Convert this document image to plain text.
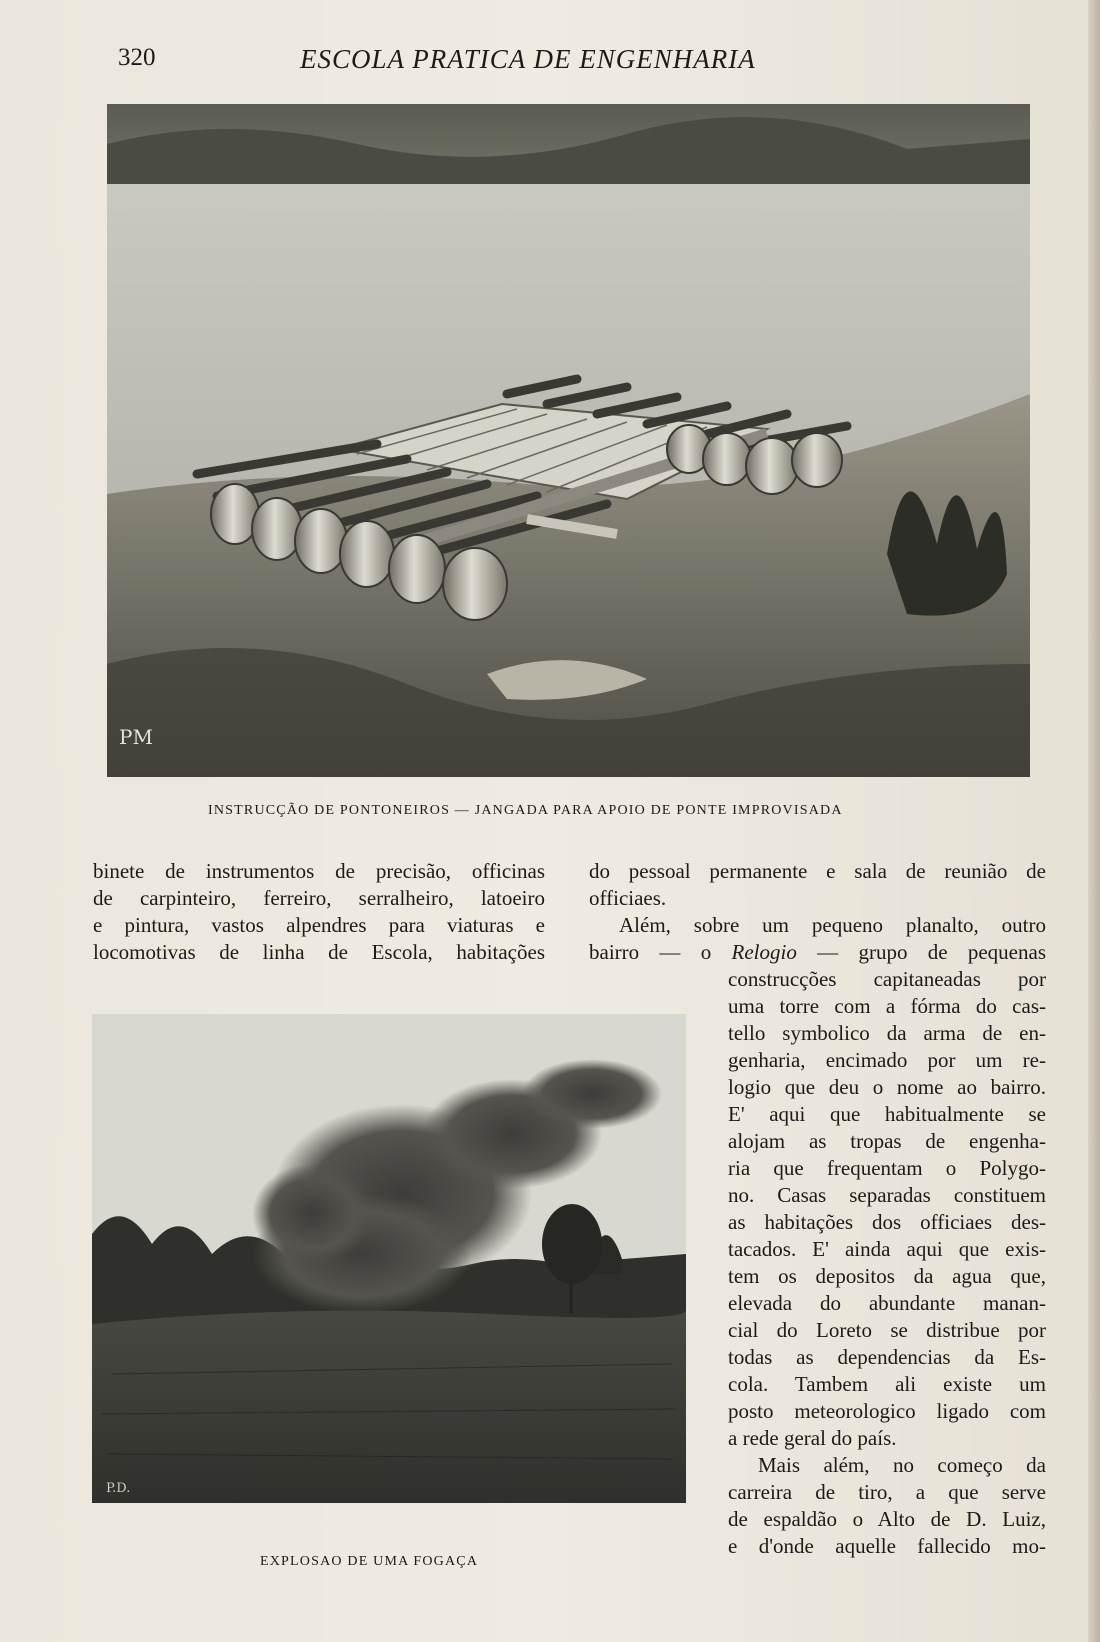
320	ESCOLA PRATICA DE ENGENHARIA
PM
INSTRUCÇÃO DE PONTONEIROS — JANGADA PARA APOIO DE PONTE IMPROVISADA
binete de instrumentos de precisão, officinas
de carpinteiro, ferreiro, serralheiro, latoeiro
e pintura, vastos alpendres para viaturas e
locomotivas de linha de Escola, habitações
P.D.
EXPLOSAO DE UMA FOGAÇA
do pessoal permanente e sala de reunião de
officiaes.
Além, sobre um pequeno planalto, outro
bairro — o Relogio — grupo de pequenas
construcções capitaneadas por
uma torre com a fórma do cas-
tello symbolico da arma de en-
genharia, encimado por um re-
logio que deu o nome ao bairro.
E' aqui que habitualmente se
alojam as tropas de engenha-
ria que frequentam o Polygo-
no. Casas separadas constituem
as habitações dos officiaes des-
tacados. E' ainda aqui que exis-
tem os depositos da agua que,
elevada do abundante manan-
cial do Loreto se distribue por
todas as dependencias da Es-
cola. Tambem ali existe um
posto meteorologico ligado com
a rede geral do país.
Mais além, no começo da
carreira de tiro, a que serve
de espaldão o Alto de D. Luiz,
e d'onde aquelle fallecido mo-
